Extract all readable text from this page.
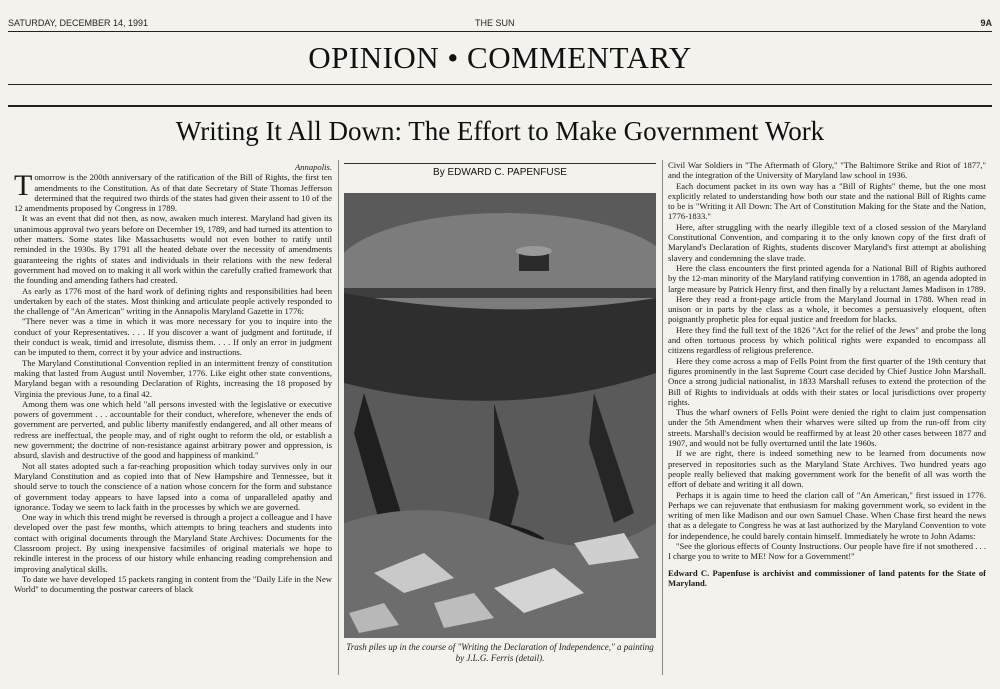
SATURDAY, DECEMBER 14, 1991	THE SUN	9A
OPINION • COMMENTARY
Writing It All Down: The Effort to Make Government Work

Annapolis.

Tomorrow is the 200th anniversary of the ratification of the Bill of Rights, the first ten amendments to the Constitution. As of that date Secretary of State Thomas Jefferson determined that the required two thirds of the states had given their assent to 10 of the 12 amendments proposed by Congress in 1789.

It was an event that did not then, as now, awaken much interest. Maryland had given its unanimous approval two years before on December 19, 1789, and had turned its attention to other matters. Some states like Massachusetts would not even bother to ratify until reminded in the 1930s. By 1791 all the heated debate over the necessity of amendments guaranteeing the rights of states and individuals in their relations with the new federal government had moved on to making it all work within the carefully crafted framework that the founding and amending fathers had created.

As early as 1776 most of the hard work of defining rights and responsibilities had been undertaken by each of the states. Most thinking and articulate people actively responded to the challenge of "An American" writing in the Annapolis Maryland Gazette in 1776:

"There never was a time in which it was more necessary for you to inquire into the conduct of your Representatives. . . . If you discover a want of judgment and fortitude, if their conduct is weak, timid and irresolute, dismiss them. . . . If only an error in judgment can be imputed to them, correct it by your advice and instructions.

The Maryland Constitutional Convention replied in an intermittent frenzy of constitution making that lasted from August until November, 1776. Like eight other state conventions, Maryland began with a resounding Declaration of Rights, increasing the 18 proposed by Virginia the previous June, to a final 42.

Among them was one which held "all persons invested with the legislative or executive powers of government . . . accountable for their conduct, wherefore, whenever the ends of government are perverted, and public liberty manifestly endangered, and all other means of redress are ineffectual, the people may, and of right ought to reform the old, or establish a new government; the doctrine of non-resistance against arbitrary power and oppression, is absurd, slavish and destructive of the good and happiness of mankind."

Not all states adopted such a far-reaching proposition which today survives only in our Maryland Constitution and as copied into that of New Hampshire and Tennessee, but it should serve to touch the conscience of a nation whose concern for the form and substance of government today appears to have lapsed into a coma of unparalleled apathy and ignorance. Today we seem to lack faith in the processes by which we are governed.

One way in which this trend might be reversed is through a project a colleague and I have developed over the past few months, which attempts to bring teachers and students into contact with original documents through the Maryland State Archives: Documents for the Classroom project. By using inexpensive facsimiles of original materials we hope to rekindle interest in the process of our history while enhancing reading comprehension and improving analytical skills.

To date we have developed 15 packets ranging in content from the "Daily Life in the New World" to documenting the postwar careers of black

By EDWARD C. PAPENFUSE
Trash piles up in the course of "Writing the Declaration of Independence," a painting by J.L.G. Ferris (detail).

Civil War Soldiers in "The Aftermath of Glory," "The Baltimore Strike and Riot of 1877," and the integration of the University of Maryland law school in 1936.

Each document packet in its own way has a "Bill of Rights" theme, but the one most explicitly related to understanding how both our state and the national Bill of Rights came to be is "Writing it All Down: The Art of Constitution Making for the State and the Nation, 1776-1833."

Here, after struggling with the nearly illegible text of a closed session of the Maryland Constitutional Convention, and comparing it to the only known copy of the first draft of Maryland's Declaration of Rights, students discover Maryland's first attempt at abolishing slavery and condemning the slave trade.

Here the class encounters the first printed agenda for a National Bill of Rights authored by the 12-man minority of the Maryland ratifying convention in 1788, an agenda adopted in large measure by Patrick Henry first, and then finally by a reluctant James Madison in 1789.

Here they read a front-page article from the Maryland Journal in 1788. When read in unison or in parts by the class as a whole, it becomes a persuasively eloquent, often poignantly prophetic plea for equal justice and freedom for blacks.

Here they find the full text of the 1826 "Act for the relief of the Jews" and probe the long and often tortuous process by which political rights were expanded to encompass all citizens regardless of religious preference.

Here they come across a map of Fells Point from the first quarter of the 19th century that figures prominently in the last Supreme Court case decided by Chief Justice John Marshall. Once a strong judicial nationalist, in 1833 Marshall refuses to extend the protection of the Bill of Rights to individuals at odds with their states or local jurisdictions over property rights.

Thus the wharf owners of Fells Point were denied the right to claim just compensation under the 5th Amendment when their wharves were silted up from the run-off from city streets. Marshall's decision would be reaffirmed by at least 20 other cases between 1877 and 1907, and would not be fully overturned until the late 1960s.

If we are right, there is indeed something new to be learned from documents now preserved in repositories such as the Maryland State Archives. Two hundred years ago people really believed that making government work for the benefit of all was worth the effort of debate and writing it all down.

Perhaps it is again time to heed the clarion call of "An American," first issued in 1776. Perhaps we can rejuvenate that enthusiasm for making government work, so evident in the writing of men like Madison and our own Samuel Chase. When Chase first heard the news that as a delegate to Congress he was at last authorized by the Maryland Convention to vote for independence, he could barely contain himself. Immediately he wrote to John Adams:

"See the glorious effects of County Instructions. Our people have fire if not smothered . . . I charge you to write to ME! Now for a Government!"

Edward C. Papenfuse is archivist and commissioner of land patents for the State of Maryland.
